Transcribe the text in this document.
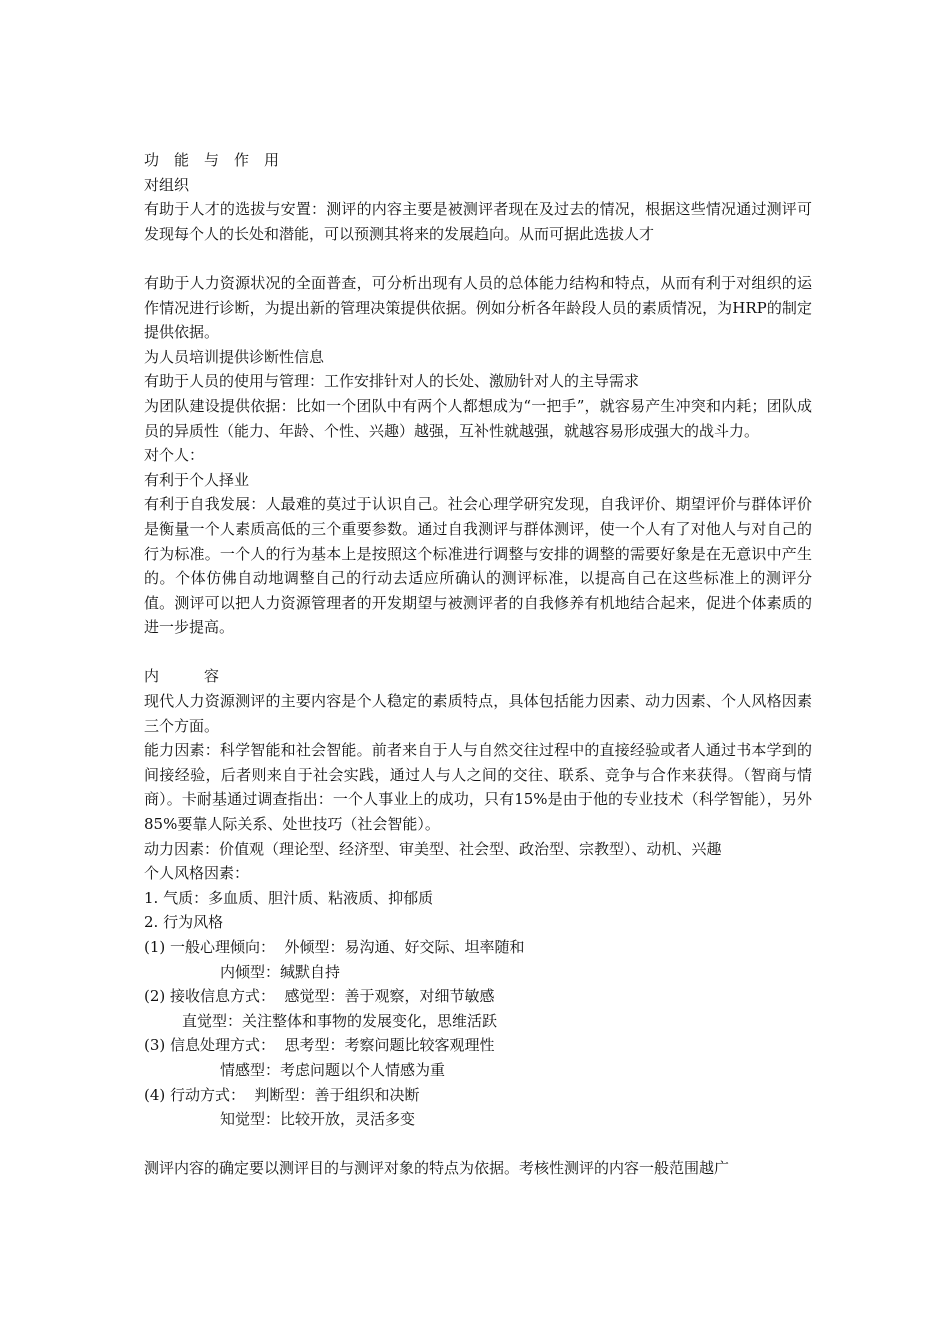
功　能　与　作　用
对组织
有助于人才的选拔与安置：测评的内容主要是被测评者现在及过去的情况，根据这些情况通过测评可发现每个人的长处和潜能，可以预测其将来的发展趋向。从而可据此选拔人才
有助于人力资源状况的全面普查，可分析出现有人员的总体能力结构和特点，从而有利于对组织的运作情况进行诊断，为提出新的管理决策提供依据。例如分析各年龄段人员的素质情况，为HRP的制定提供依据。
为人员培训提供诊断性信息
有助于人员的使用与管理：工作安排针对人的长处、激励针对人的主导需求
为团队建设提供依据：比如一个团队中有两个人都想成为“一把手”，就容易产生冲突和内耗；团队成员的异质性（能力、年龄、个性、兴趣）越强，互补性就越强，就越容易形成强大的战斗力。
对个人：
有利于个人择业
有利于自我发展：人最难的莫过于认识自己。社会心理学研究发现，自我评价、期望评价与群体评价是衡量一个人素质高低的三个重要参数。通过自我测评与群体测评，使一个人有了对他人与对自己的行为标准。一个人的行为基本上是按照这个标准进行调整与安排的调整的需要好象是在无意识中产生的。个体仿佛自动地调整自己的行动去适应所确认的测评标准，以提高自己在这些标准上的测评分值。测评可以把人力资源管理者的开发期望与被测评者的自我修养有机地结合起来，促进个体素质的进一步提高。
内　　　容
现代人力资源测评的主要内容是个人稳定的素质特点，具体包括能力因素、动力因素、个人风格因素三个方面。
能力因素：科学智能和社会智能。前者来自于人与自然交往过程中的直接经验或者人通过书本学到的间接经验，后者则来自于社会实践，通过人与人之间的交往、联系、竞争与合作来获得。（智商与情商）。卡耐基通过调查指出：一个人事业上的成功，只有15%是由于他的专业技术（科学智能），另外85%要靠人际关系、处世技巧（社会智能）。
动力因素：价值观（理论型、经济型、审美型、社会型、政治型、宗教型）、动机、兴趣
个人风格因素：
1. 气质：多血质、胆汁质、粘液质、抑郁质
2. 行为风格
(1) 一般心理倾向：  外倾型：易沟通、好交际、坦率随和
内倾型：缄默自持
(2) 接收信息方式：  感觉型：善于观察，对细节敏感
直觉型：关注整体和事物的发展变化，思维活跃
(3) 信息处理方式：  思考型：考察问题比较客观理性
情感型：考虑问题以个人情感为重
(4) 行动方式：  判断型：善于组织和决断
知觉型：比较开放，灵活多变
测评内容的确定要以测评目的与测评对象的特点为依据。考核性测评的内容一般范围越广
